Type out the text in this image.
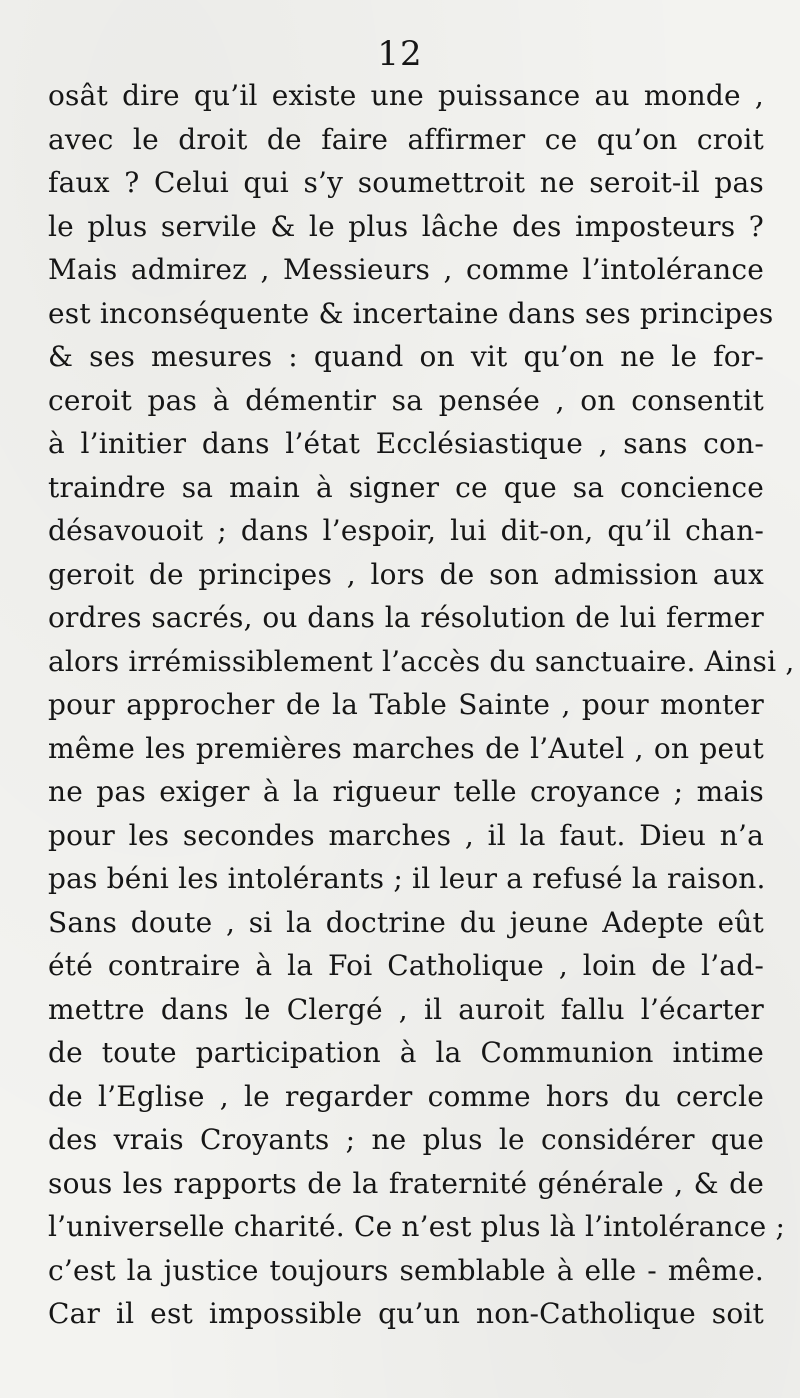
12
osât dire qu’il existe une puissance au monde ,
avec le droit de faire affirmer ce qu’on croit
faux ? Celui qui s’y soumettroit ne seroit-il pas
le plus servile & le plus lâche des imposteurs ?
Mais admirez , Messieurs , comme l’intolérance
est inconséquente & incertaine dans ses principes
& ses mesures : quand on vit qu’on ne le for-
ceroit pas à démentir sa pensée , on consentit
à l’initier dans l’état Ecclésiastique , sans con-
traindre sa main à signer ce que sa concience
désavouoit ; dans l’espoir, lui dit-on, qu’il chan-
geroit de principes , lors de son admission aux
ordres sacrés, ou dans la résolution de lui fermer
alors irrémissiblement l’accès du sanctuaire. Ainsi ,
pour approcher de la Table Sainte , pour monter
même les premières marches de l’Autel , on peut
ne pas exiger à la rigueur telle croyance ; mais
pour les secondes marches , il la faut. Dieu n’a
pas béni les intolérants ; il leur a refusé la raison.
Sans doute , si la doctrine du jeune Adepte eût
été contraire à la Foi Catholique , loin de l’ad-
mettre dans le Clergé , il auroit fallu l’écarter
de toute participation à la Communion intime
de l’Eglise , le regarder comme hors du cercle
des vrais Croyants ; ne plus le considérer que
sous les rapports de la fraternité générale , & de
l’universelle charité. Ce n’est plus là l’intolérance ;
c’est la justice toujours semblable à elle - même.
Car il est impossible qu’un non-Catholique soit
